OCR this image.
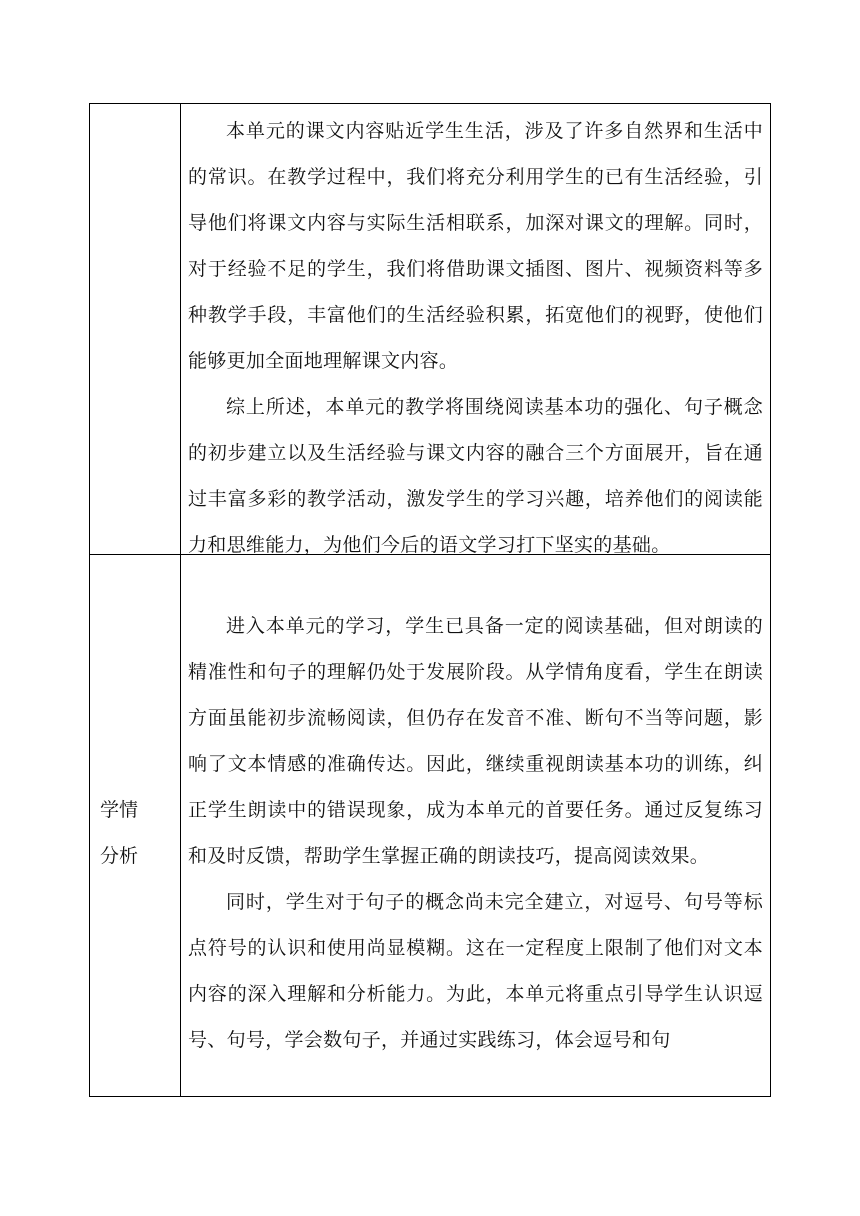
本单元的课文内容贴近学生生活，涉及了许多自然界和生活中的常识。在教学过程中，我们将充分利用学生的已有生活经验，引导他们将课文内容与实际生活相联系，加深对课文的理解。同时，对于经验不足的学生，我们将借助课文插图、图片、视频资料等多种教学手段，丰富他们的生活经验积累，拓宽他们的视野，使他们能够更加全面地理解课文内容。

综上所述，本单元的教学将围绕阅读基本功的强化、句子概念的初步建立以及生活经验与课文内容的融合三个方面展开，旨在通过丰富多彩的教学活动，激发学生的学习兴趣，培养他们的阅读能力和思维能力，为他们今后的语文学习打下坚实的基础。

学情
分析

进入本单元的学习，学生已具备一定的阅读基础，但对朗读的精准性和句子的理解仍处于发展阶段。从学情角度看，学生在朗读方面虽能初步流畅阅读，但仍存在发音不准、断句不当等问题，影响了文本情感的准确传达。因此，继续重视朗读基本功的训练，纠正学生朗读中的错误现象，成为本单元的首要任务。通过反复练习和及时反馈，帮助学生掌握正确的朗读技巧，提高阅读效果。

同时，学生对于句子的概念尚未完全建立，对逗号、句号等标点符号的认识和使用尚显模糊。这在一定程度上限制了他们对文本内容的深入理解和分析能力。为此，本单元将重点引导学生认识逗号、句号，学会数句子，并通过实践练习，体会逗号和句
